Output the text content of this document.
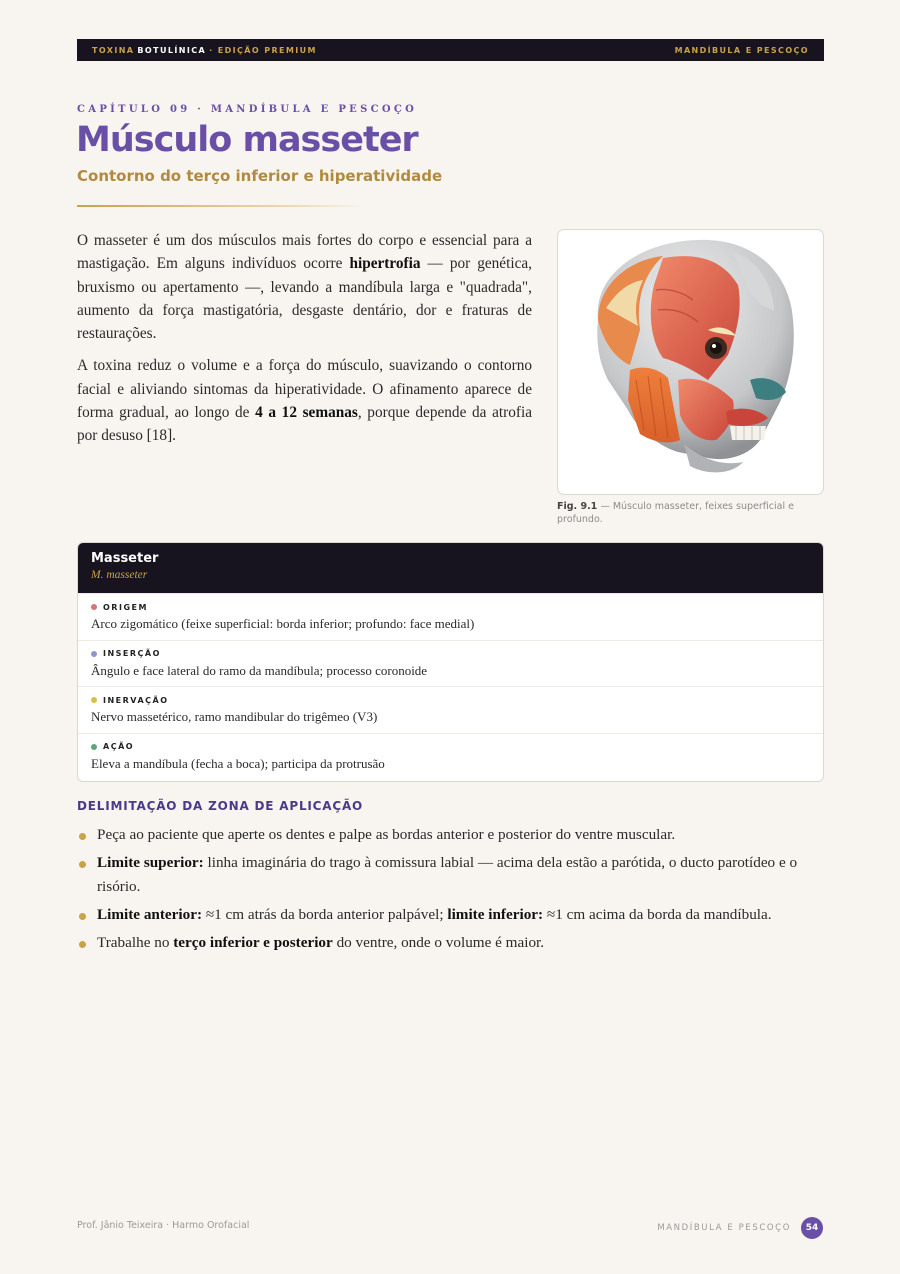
TOXINA BOTULÍNICA · EDIÇÃO PREMIUM	MANDÍBULA E PESCOÇO
CAPÍTULO 09 · MANDÍBULA E PESCOÇO
Músculo masseter
Contorno do terço inferior e hiperatividade

O masseter é um dos músculos mais fortes do corpo e essencial para a mastigação. Em alguns indivíduos ocorre hipertrofia — por genética, bruxismo ou apertamento —, levando a mandíbula larga e "quadrada", aumento da força mastigatória, desgaste dentário, dor e fraturas de restaurações.

A toxina reduz o volume e a força do músculo, suavizando o contorno facial e aliviando sintomas da hiperatividade. O afinamento aparece de forma gradual, ao longo de 4 a 12 semanas, porque depende da atrofia por desuso [18].

Fig. 9.1 — Músculo masseter, feixes superficial e profundo.
Masseter
M. masseter
ORIGEM
Arco zigomático (feixe superficial: borda inferior; profundo: face medial)
INSERÇÃO
Ângulo e face lateral do ramo da mandíbula; processo coronoide
INERVAÇÃO
Nervo massetérico, ramo mandibular do trigêmeo (V3)
AÇÃO
Eleva a mandíbula (fecha a boca); participa da protrusão
DELIMITAÇÃO DA ZONA DE APLICAÇÃO
Peça ao paciente que aperte os dentes e palpe as bordas anterior e posterior do ventre muscular.
Limite superior: linha imaginária do trago à comissura labial — acima dela estão a parótida, o ducto parotídeo e o risório.
Limite anterior: ≈1 cm atrás da borda anterior palpável; limite inferior: ≈1 cm acima da borda da mandíbula.
Trabalhe no terço inferior e posterior do ventre, onde o volume é maior.
Prof. Jânio Teixeira · Harmo Orofacial	MANDÍBULA E PESCOÇO	54
